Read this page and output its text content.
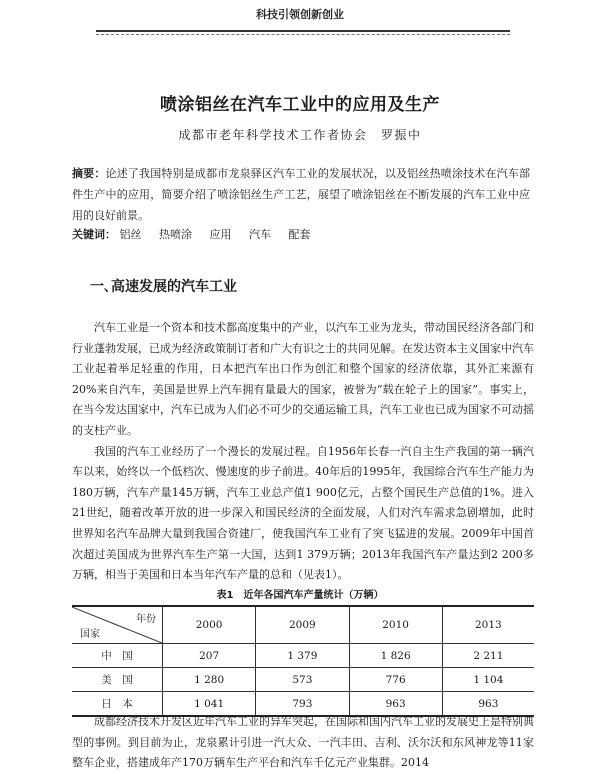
科技引领创新创业
喷涂铝丝在汽车工业中的应用及生产
成都市老年科学技术工作者协会　罗振中
摘要：论述了我国特别是成都市龙泉驿区汽车工业的发展状况，以及铝丝热喷涂技术在汽车部件生产中的应用，简要介绍了喷涂铝丝生产工艺，展望了喷涂铝丝在不断发展的汽车工业中应用的良好前景。
关键词： 铝丝 热喷涂 应用 汽车 配套
一､高速发展的汽车工业

汽车工业是一个资本和技术都高度集中的产业，以汽车工业为龙头，带动国民经济各部门和行业蓬勃发展，已成为经济政策制订者和广大有识之士的共同见解。在发达资本主义国家中汽车工业起着举足轻重的作用，日本把汽车出口作为创汇和整个国家的经济依靠，其外汇来源有20%来自汽车，美国是世界上汽车拥有量最大的国家，被誉为“载在轮子上的国家”。事实上，在当今发达国家中，汽车已成为人们必不可少的交通运输工具，汽车工业也已成为国家不可动摇的支柱产业。

我国的汽车工业经历了一个漫长的发展过程。自1956年长春一汽自主生产我国的第一辆汽车以来，始终以一个低档次、慢速度的步子前进。40年后的1995年，我国综合汽车生产能力为180万辆，汽车产量145万辆，汽车工业总产值1 900亿元，占整个国民生产总值的1%。进入21世纪，随着改革开放的进一步深入和国民经济的全面发展，人们对汽车需求急剧增加，此时世界知名汽车品牌大量到我国合资建厂，使我国汽车工业有了突飞猛进的发展。2009年中国首次超过美国成为世界汽车生产第一大国，达到1 379万辆；2013年我国汽车产量达到2 200多万辆，相当于美国和日本当年汽车产量的总和（见表1）。

表1　近年各国汽车产量统计（万辆）
年份
国家	2000	2009	2010	2013
中　国	207	1 379	1 826	2 211
美　国	1 280	573	776	1 104
日　本	1 041	793	963	963

成都经济技术开发区近年汽车工业的异军突起，在国际和国内汽车工业的发展史上是特别典型的事例。到目前为止，龙泉累计引进一汽大众、一汽丰田、吉利、沃尔沃和东风神龙等11家整车企业，搭建成年产170万辆车生产平台和汽车千亿元产业集群。2014
